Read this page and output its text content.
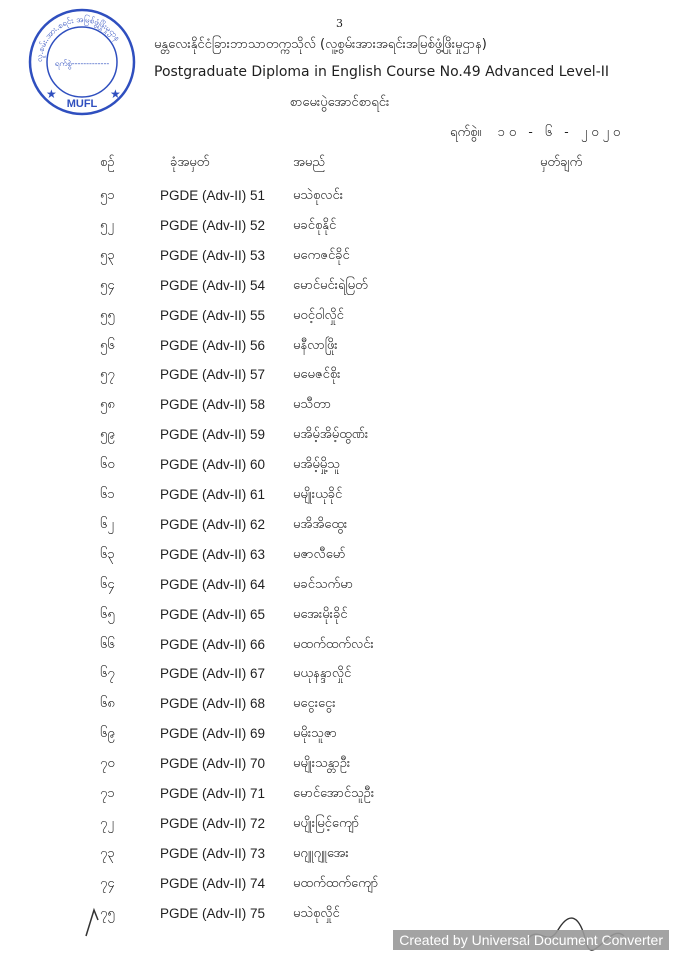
3
လူ.စမ်း.အား.စရင်း အမြစ်ဖွံ့ဖြိုးမှုဌာန
ရက်စွဲ-------------
MUFL
★	★
မန္တလေးနိုင်ငံခြားဘာသာတက္ကသိုလ် (လူ့စွမ်းအားအရင်းအမြစ်ဖွံ့ဖြိုးမှုဌာန)
Postgraduate Diploma in English Course No.49 Advanced Level-II
စာမေးပွဲအောင်စာရင်း
ရက်စွဲ။ ၁၀ - ၆ - ၂၀၂၀
စဉ်	ခုံအမှတ်	အမည်	မှတ်ချက်
၅၁	PGDE (Adv-II) 51 မသဲစုလင်း
၅၂	PGDE (Adv-II) 52 မခင်စုနိုင်
၅၃	PGDE (Adv-II) 53 မကေဇင်ခိုင်
၅၄	PGDE (Adv-II) 54 မောင်မင်းရဲမြတ်
၅၅	PGDE (Adv-II) 55 မဝင့်ဝါလှိုင်
၅၆	PGDE (Adv-II) 56 မနီလာဖြိုး
၅၇	PGDE (Adv-II) 57 မမေဇင်စိုး
၅၈	PGDE (Adv-II) 58 မသီတာ
၅၉	PGDE (Adv-II) 59 မအိမ့်အိမ့်ထွဏ်း
၆၀	PGDE (Adv-II) 60 မအိမ့်မှို့သူ
၆၁	PGDE (Adv-II) 61 မမျိုးယုခိုင်
၆၂	PGDE (Adv-II) 62 မအိအိထွေး
၆၃	PGDE (Adv-II) 63 မဇာလီမော်
၆၄	PGDE (Adv-II) 64 မခင်သက်မာ
၆၅	PGDE (Adv-II) 65 မအေးမိုးခိုင်
၆၆	PGDE (Adv-II) 66 မထက်ထက်လင်း
၆၇	PGDE (Adv-II) 67 မယုနန္ဒာလှိုင်
၆၈	PGDE (Adv-II) 68 မငွေးငွေး
၆၉	PGDE (Adv-II) 69 မမိုးသူဇာ
၇၀	PGDE (Adv-II) 70 မမျိုးသန္တာဦး
၇၁	PGDE (Adv-II) 71 မောင်အောင်သူဦး
၇၂	PGDE (Adv-II) 72 မပျိုးမြင့်ကျော်
၇၃	PGDE (Adv-II) 73 မဂျူဂျူအေး
၇၄	PGDE (Adv-II) 74 မထက်ထက်ကျော်
၇၅	PGDE (Adv-II) 75 မသဲစုလှိုင်
Created by Universal Document Converter
